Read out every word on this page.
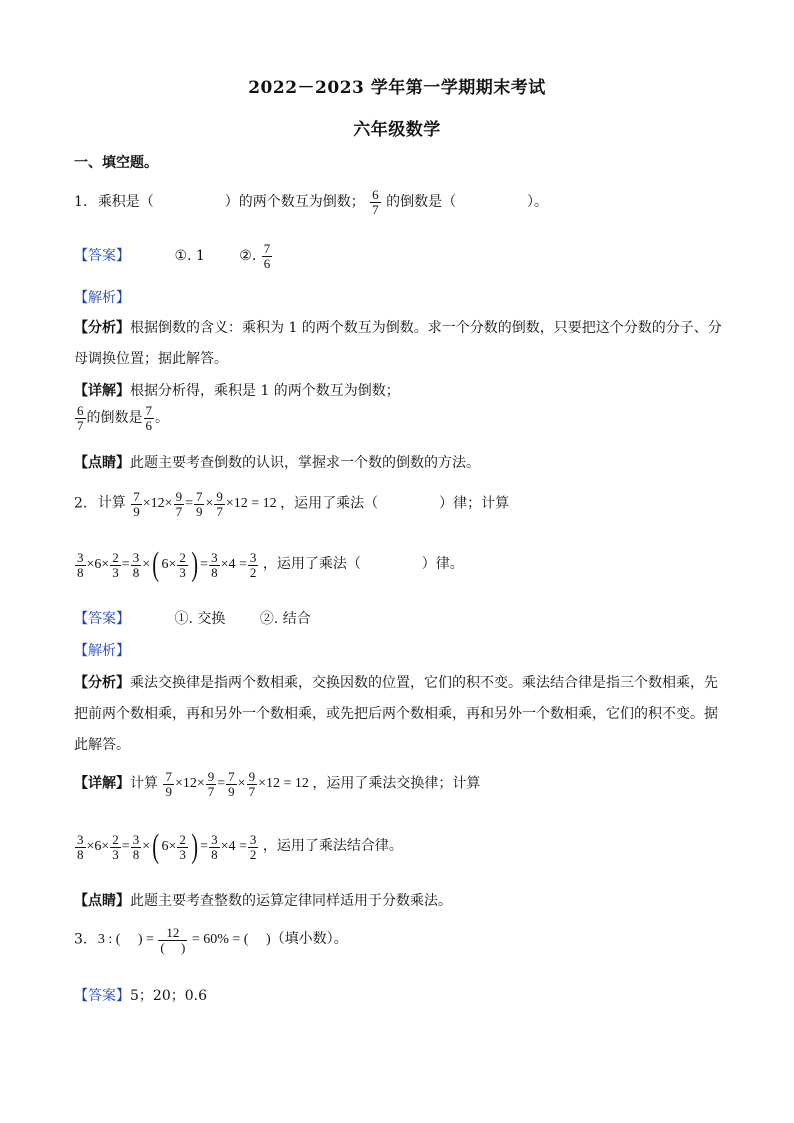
2022－2023 学年第一学期期末考试
六年级数学
一、填空题。
1. 乘积是（	）的两个数互为倒数； $\frac{6}{7}$ 的倒数是（	）。
【答案】	①. 1 ②. $\frac{7}{6}$
【解析】
【分析】根据倒数的含义：乘积为 1 的两个数互为倒数。求一个分数的倒数，只要把这个分数的分子、分
母调换位置；据此解答。
【详解】根据分析得，乘积是 1 的两个数互为倒数；
$\frac{6}{7}$ 的倒数是 $\frac{7}{6}$ 。
【点睛】此题主要考查倒数的认识，掌握求一个数的倒数的方法。
2. 计算 $\frac{7}{9} \times 12\times \frac{9}{7} = \frac{7}{9} \times \frac{9}{7} \times 12 = 12$ ，运用了乘法（	）律；计算
$\frac{3}{8} \times 6\times \frac{2}{3} = \frac{3}{8}$ ×( $6\times \frac{2}{3}$ ) = $\frac{3}{8} \times 4 = \frac{3}{2}$ ，运用了乘法（	）律。
【答案】	①. 交换 ②. 结合
【解析】
【分析】乘法交换律是指两个数相乘，交换因数的位置，它们的积不变。乘法结合律是指三个数相乘，先
把前两个数相乘，再和另外一个数相乘，或先把后两个数相乘，再和另外一个数相乘，它们的积不变。据
此解答。
【详解】计算 $\frac{7}{9} \times 12\times \frac{9}{7} = \frac{7}{9} \times \frac{9}{7} \times 12 = 12$ ，运用了乘法交换律；计算
$\frac{3}{8} \times 6\times \frac{2}{3} = \frac{3}{8}$ ×( $6\times \frac{2}{3}$ ) = $\frac{3}{8} \times 4 = \frac{3}{2}$ ，运用了乘法结合律。
【点睛】此题主要考查整数的运算定律同样适用于分数乘法。
3. 3 : (　 ) = $\frac{12}{( )} = 60\%$ = (　 )（填小数）。
【答案】5；20；0.6
